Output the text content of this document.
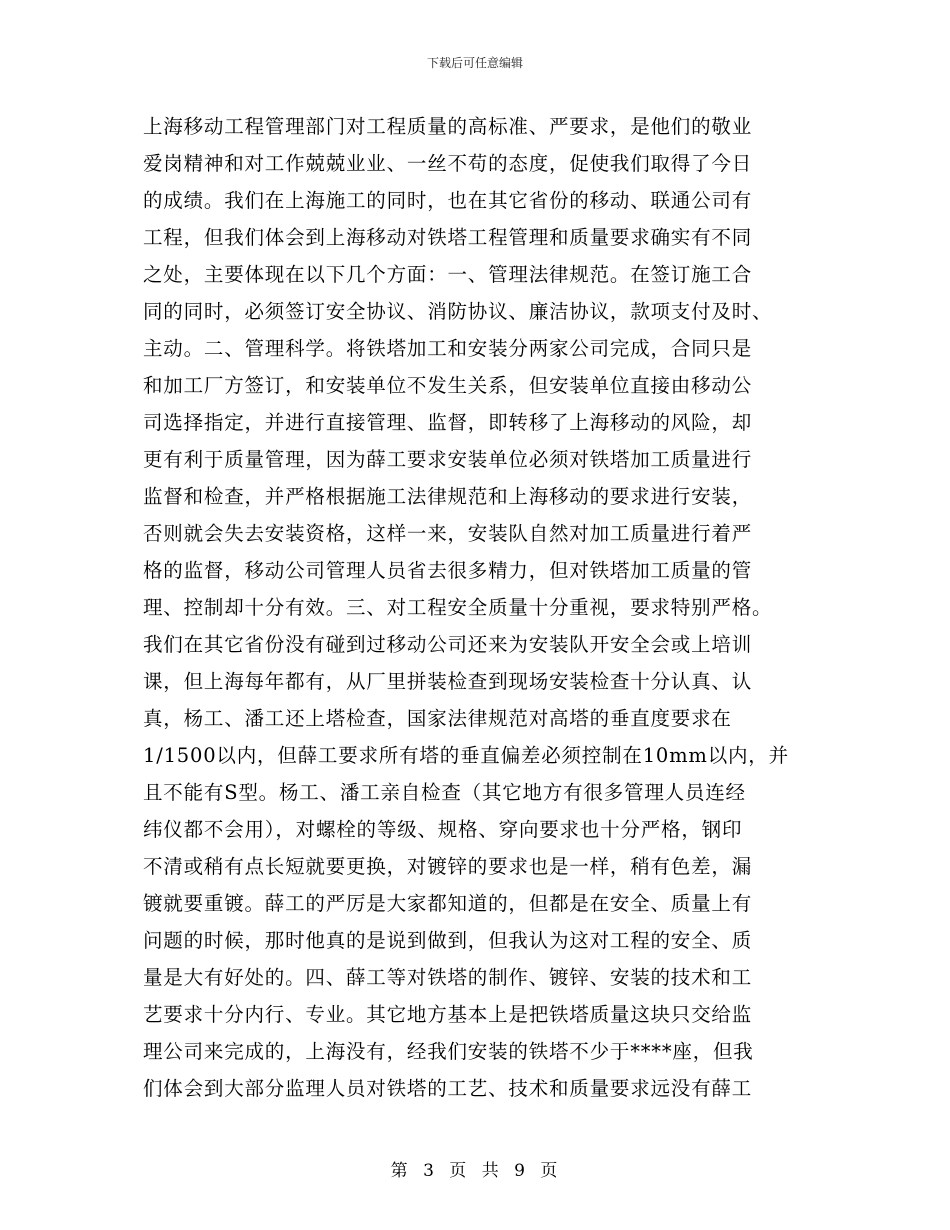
下载后可任意编辑
上海移动工程管理部门对工程质量的高标准、严要求，是他们的敬业
爱岗精神和对工作兢兢业业、一丝不苟的态度，促使我们取得了今日
的成绩。我们在上海施工的同时，也在其它省份的移动、联通公司有
工程，但我们体会到上海移动对铁塔工程管理和质量要求确实有不同
之处，主要体现在以下几个方面：一、管理法律规范。在签订施工合
同的同时，必须签订安全协议、消防协议、廉洁协议，款项支付及时、
主动。二、管理科学。将铁塔加工和安装分两家公司完成，合同只是
和加工厂方签订，和安装单位不发生关系，但安装单位直接由移动公
司选择指定，并进行直接管理、监督，即转移了上海移动的风险，却
更有利于质量管理，因为薛工要求安装单位必须对铁塔加工质量进行
监督和检查，并严格根据施工法律规范和上海移动的要求进行安装，
否则就会失去安装资格，这样一来，安装队自然对加工质量进行着严
格的监督，移动公司管理人员省去很多精力，但对铁塔加工质量的管
理、控制却十分有效。三、对工程安全质量十分重视，要求特别严格。
我们在其它省份没有碰到过移动公司还来为安装队开安全会或上培训
课，但上海每年都有，从厂里拼装检查到现场安装检查十分认真、认
真，杨工、潘工还上塔检查，国家法律规范对高塔的垂直度要求在
1/1500以内，但薛工要求所有塔的垂直偏差必须控制在10mm以内，并
且不能有S型。杨工、潘工亲自检查（其它地方有很多管理人员连经
纬仪都不会用），对螺栓的等级、规格、穿向要求也十分严格，钢印
不清或稍有点长短就要更换，对镀锌的要求也是一样，稍有色差，漏
镀就要重镀。薛工的严厉是大家都知道的，但都是在安全、质量上有
问题的时候，那时他真的是说到做到，但我认为这对工程的安全、质
量是大有好处的。四、薛工等对铁塔的制作、镀锌、安装的技术和工
艺要求十分内行、专业。其它地方基本上是把铁塔质量这块只交给监
理公司来完成的，上海没有，经我们安装的铁塔不少于****座，但我
们体会到大部分监理人员对铁塔的工艺、技术和质量要求远没有薛工
第 3 页 共 9 页
